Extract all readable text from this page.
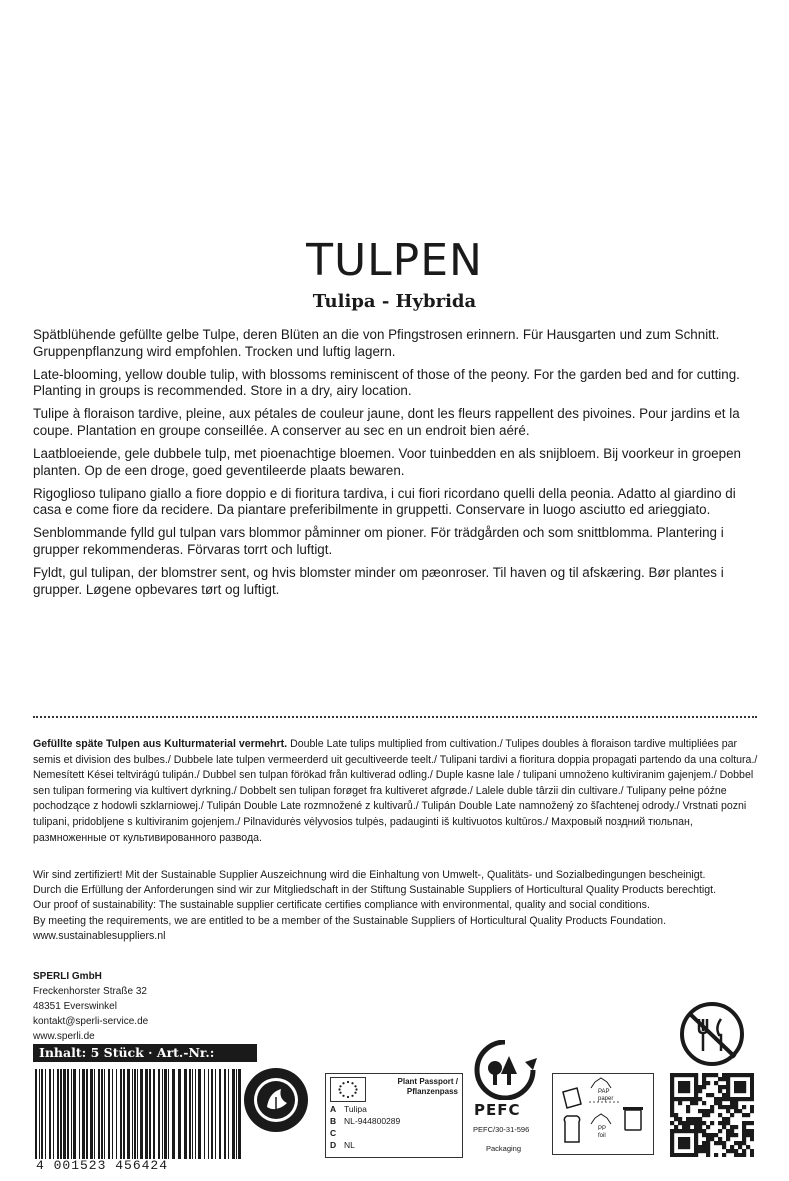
TULPEN
Tulipa - Hybrida

Spätblühende gefüllte gelbe Tulpe, deren Blüten an die von Pfingstrosen erinnern. Für Hausgarten und zum Schnitt. Gruppenpflanzung wird empfohlen. Trocken und luftig lagern.

Late-blooming, yellow double tulip, with blossoms reminiscent of those of the peony. For the garden bed and for cutting. Planting in groups is recommended. Store in a dry, airy location.

Tulipe à floraison tardive, pleine, aux pétales de couleur jaune, dont les fleurs rappellent des pivoines. Pour jardins et la coupe. Plantation en groupe conseillée. A conserver au sec en un endroit bien aéré.

Laatbloeiende, gele dubbele tulp, met pioenachtige bloemen. Voor tuinbedden en als snijbloem. Bij voorkeur in groepen planten. Op de een droge, goed geventileerde plaats bewaren.

Rigoglioso tulipano giallo a fiore doppio e di fioritura tardiva, i cui fiori ricordano quelli della peonia. Adatto al giardino di casa e come fiore da recidere. Da piantare preferibilmente in gruppetti. Conservare in luogo asciutto ed arieggiato.

Senblommande fylld gul tulpan vars blommor påminner om pioner. För trädgården och som snittblomma. Plantering i grupper rekommenderas. Förvaras torrt och luftigt.

Fyldt, gul tulipan, der blomstrer sent, og hvis blomster minder om pæonroser. Til haven og til afskæring. Bør plantes i grupper. Løgene opbevares tørt og luftigt.

Gefüllte späte Tulpen aus Kulturmaterial vermehrt. Double Late tulips multiplied from cultivation./ Tulipes doubles à floraison tardive multipliées par semis et division des bulbes./ Dubbele late tulpen vermeerderd uit gecultiveerde teelt./ Tulipani tardivi a fioritura doppia propagati partendo da una coltura./ Nemesített Kései teltvirágú tulipán./ Dubbel sen tulpan förökad från kultiverad odling./ Duple kasne lale / tulipani umnoženo kultiviranim gajenjem./ Dobbel sen tulipan formering via kultivert dyrkning./ Dobbelt sen tulipan forøget fra kultiveret afgrøde./ Lalele duble târzii din cultivare./ Tulipany pełne późne pochodzące z hodowli szklarniowej./ Tulipán Double Late rozmnožené z kultivarů./ Tulipán Double Late namnožený zo šľachtenej odrody./ Vrstnati pozni tulipani, pridobljene s kultiviranim gojenjem./ Pilnavidurės vėlyvosios tulpės, padauginti iš kultivuotos kultūros./ Махровый поздний тюльпан, размноженные от культивированного развода.
Wir sind zertifiziert! Mit der Sustainable Supplier Auszeichnung wird die Einhaltung von Umwelt-, Qualitäts- und Sozialbedingungen bescheinigt.
Durch die Erfüllung der Anforderungen sind wir zur Mitgliedschaft in der Stiftung Sustainable Suppliers of Horticultural Quality Products berechtigt.
Our proof of sustainability: The sustainable supplier certificate certifies compliance with environmental, quality and social conditions.
By meeting the requirements, we are entitled to be a member of the Sustainable Suppliers of Horticultural Quality Products Foundation.
www.sustainablesuppliers.nl
SPERLI GmbH
Freckenhorster Straße 32
48351 Everswinkel
kontakt@sperli-service.de
www.sperli.de
Inhalt: 5 Stück · Art.-Nr.:
4 001523 456424
Plant Passport /
Pflanzenpass
A Tulipa
B NL-944800289
C
D NL
PEFC
PEFC/30-31-596
Packaging
PAP
paper
PP
foil
